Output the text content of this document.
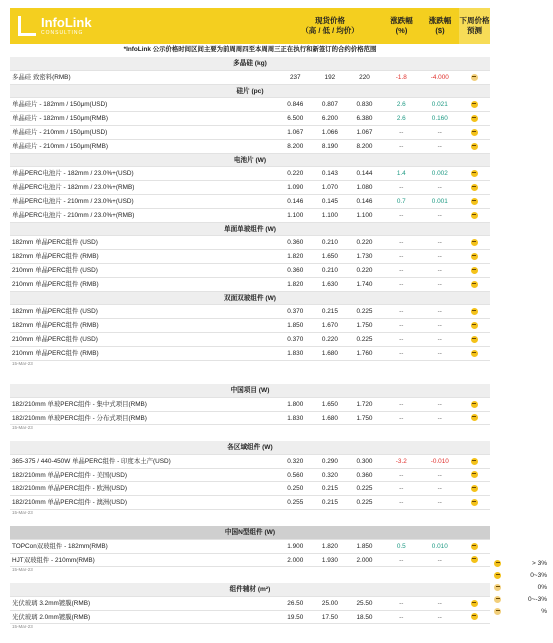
InfoLink
CONSULTING
现货价格
（高 / 低 / 均价）
涨跌幅
(%)
涨跌幅
($)
下周价格
预测
*InfoLink 公示价格时间区间主要为前周周四至本周周三正在执行和新签订的合约价格范围
多晶硅 (kg)
多晶硅 致密料(RMB)	237	192	220	-1.8	-4.000
硅片 (pc)
单晶硅片 - 182mm / 150μm(USD)	0.846	0.807	0.830	2.6	0.021
单晶硅片 - 182mm / 150μm(RMB)	6.500	6.200	6.380	2.6	0.160
单晶硅片 - 210mm / 150μm(USD)	1.067	1.066	1.067	--	--
单晶硅片 - 210mm / 150μm(RMB)	8.200	8.190	8.200	--	--
电池片 (W)
单晶PERC电池片 - 182mm / 23.0%+(USD)	0.220	0.143	0.144	1.4	0.002
单晶PERC电池片 - 182mm / 23.0%+(RMB)	1.090	1.070	1.080	--	--
单晶PERC电池片 - 210mm / 23.0%+(USD)	0.146	0.145	0.146	0.7	0.001
单晶PERC电池片 - 210mm / 23.0%+(RMB)	1.100	1.100	1.100	--	--
单面单玻组件 (W)
182mm 单晶PERC组件 (USD)	0.360	0.210	0.220	--	--
182mm 单晶PERC组件 (RMB)	1.820	1.650	1.730	--	--
210mm 单晶PERC组件 (USD)	0.360	0.210	0.220	--	--
210mm 单晶PERC组件 (RMB)	1.820	1.630	1.740	--	--
双面双玻组件 (W)
182mm 单晶PERC组件 (USD)	0.370	0.215	0.225	--	--
182mm 单晶PERC组件 (RMB)	1.850	1.670	1.750	--	--
210mm 单晶PERC组件 (USD)	0.370	0.220	0.225	--	--
210mm 单晶PERC组件 (RMB)	1.830	1.680	1.760	--	--
15-Mar-23
中国项目 (W)
182/210mm 单玻PERC组件 - 集中式项目(RMB)	1.800	1.650	1.720	--	--
182/210mm 单玻PERC组件 - 分布式项目(RMB)	1.830	1.680	1.750	--	--
15-Mar-23
各区域组件 (W)
365-375 / 440-450W 单晶PERC组件 - 印度本土产(USD)	0.320	0.290	0.300	-3.2	-0.010
182/210mm 单晶PERC组件 - 美国(USD)	0.560	0.320	0.360	--	--
182/210mm 单晶PERC组件 - 欧洲(USD)	0.250	0.215	0.225	--	--
182/210mm 单晶PERC组件 - 澳洲(USD)	0.255	0.215	0.225	--	--
15-Mar-23
中国N型组件 (W)
TOPCon双玻组件 - 182mm(RMB)	1.900	1.820	1.850	0.5	0.010
HJT双玻组件 - 210mm(RMB)	2.000	1.930	2.000	--	--
15-Mar-23
组件辅材 (m²)
光伏玻璃 3.2mm镀膜(RMB)	26.50	25.00	25.50	--	--
光伏玻璃 2.0mm镀膜(RMB)	19.50	17.50	18.50	--	--
15-Mar-23
> 3%
0~3%
0%
0~-3%
%
